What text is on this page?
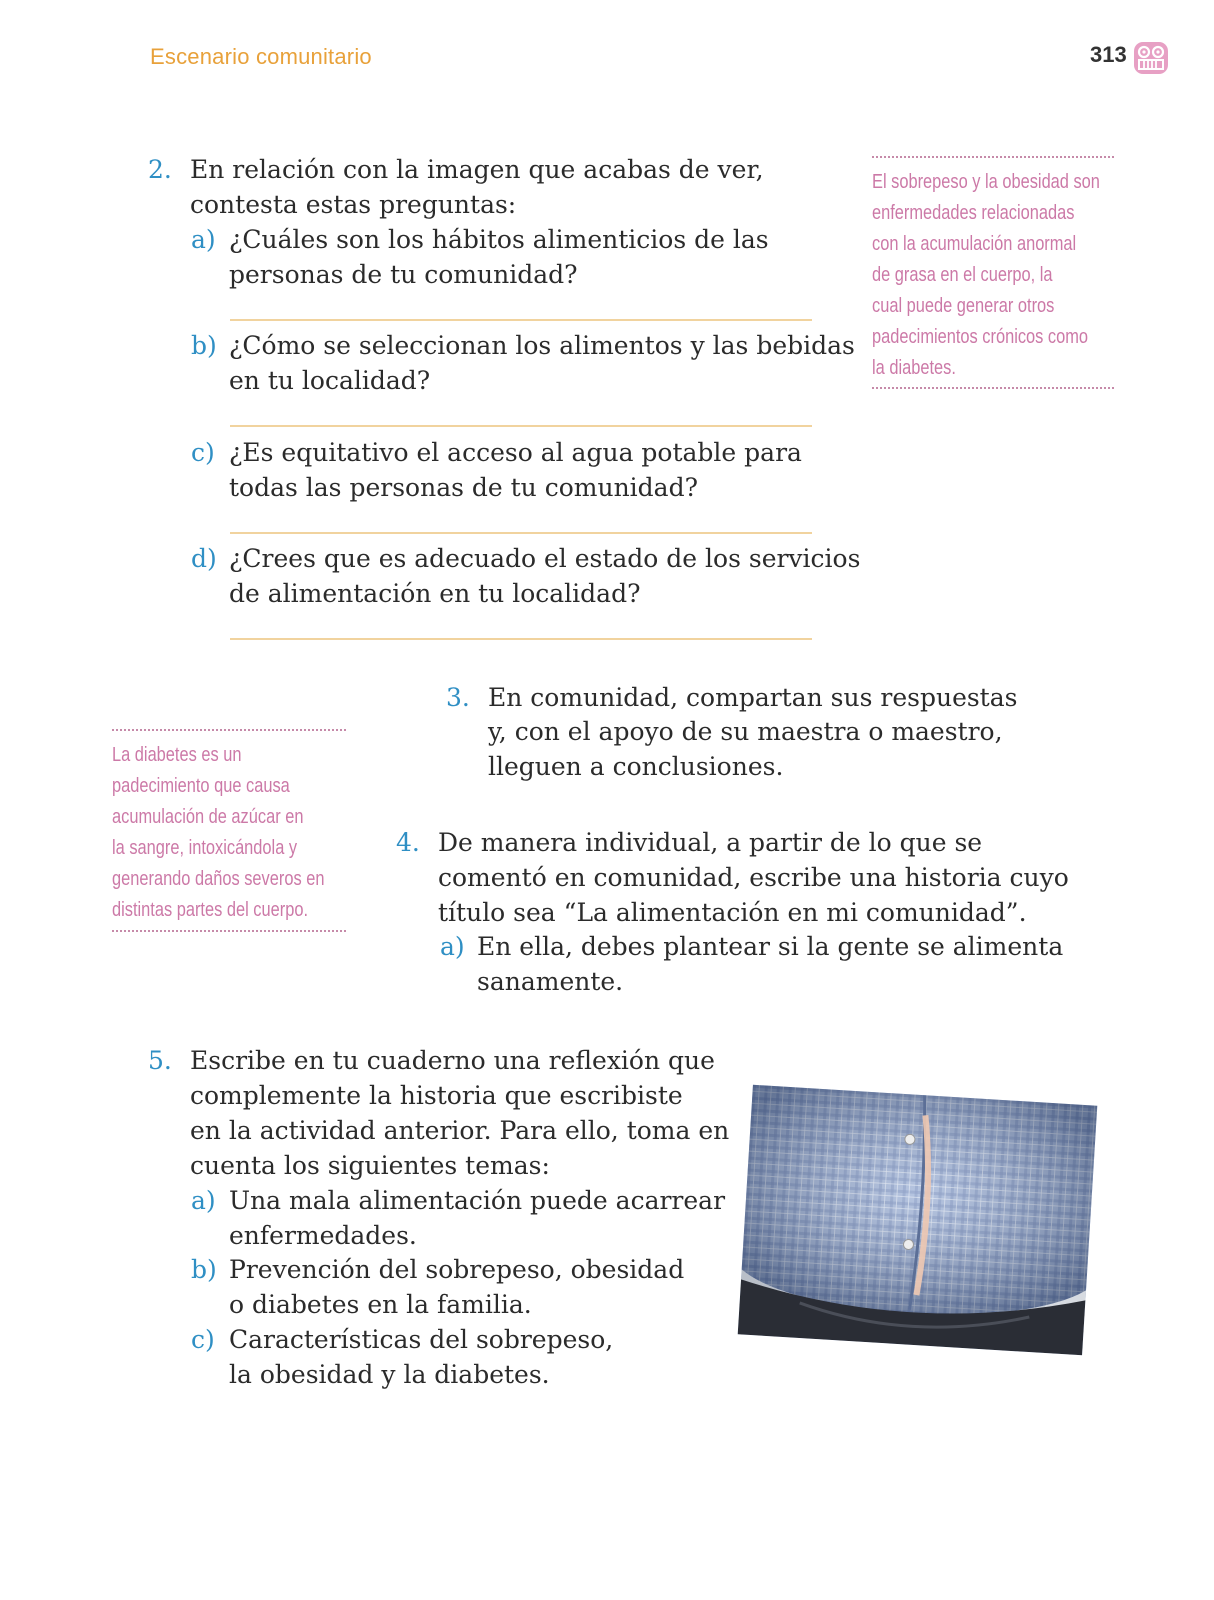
Escenario comunitario	313
2. En relación con la imagen que acabas de ver,
contesta estas preguntas:
a) ¿Cuáles son los hábitos alimenticios de las
personas de tu comunidad?
b) ¿Cómo se seleccionan los alimentos y las bebidas
en tu localidad?
c) ¿Es equitativo el acceso al agua potable para
todas las personas de tu comunidad?
d) ¿Crees que es adecuado el estado de los servicios
de alimentación en tu localidad?
El sobrepeso y la obesidad son
enfermedades relacionadas
con la acumulación anormal
de grasa en el cuerpo, la
cual puede generar otros
padecimientos crónicos como
la diabetes.
3. En comunidad, compartan sus respuestas
y, con el apoyo de su maestra o maestro,
lleguen a conclusiones.
La diabetes es un
padecimiento que causa
acumulación de azúcar en
la sangre, intoxicándola y
generando daños severos en
distintas partes del cuerpo.
4. De manera individual, a partir de lo que se
comentó en comunidad, escribe una historia cuyo
título sea “La alimentación en mi comunidad”.
a) En ella, debes plantear si la gente se alimenta
sanamente.
5. Escribe en tu cuaderno una reflexión que
complemente la historia que escribiste
en la actividad anterior. Para ello, toma en
cuenta los siguientes temas:
a) Una mala alimentación puede acarrear
enfermedades.
b) Prevención del sobrepeso, obesidad
o diabetes en la familia.
c) Características del sobrepeso,
la obesidad y la diabetes.
